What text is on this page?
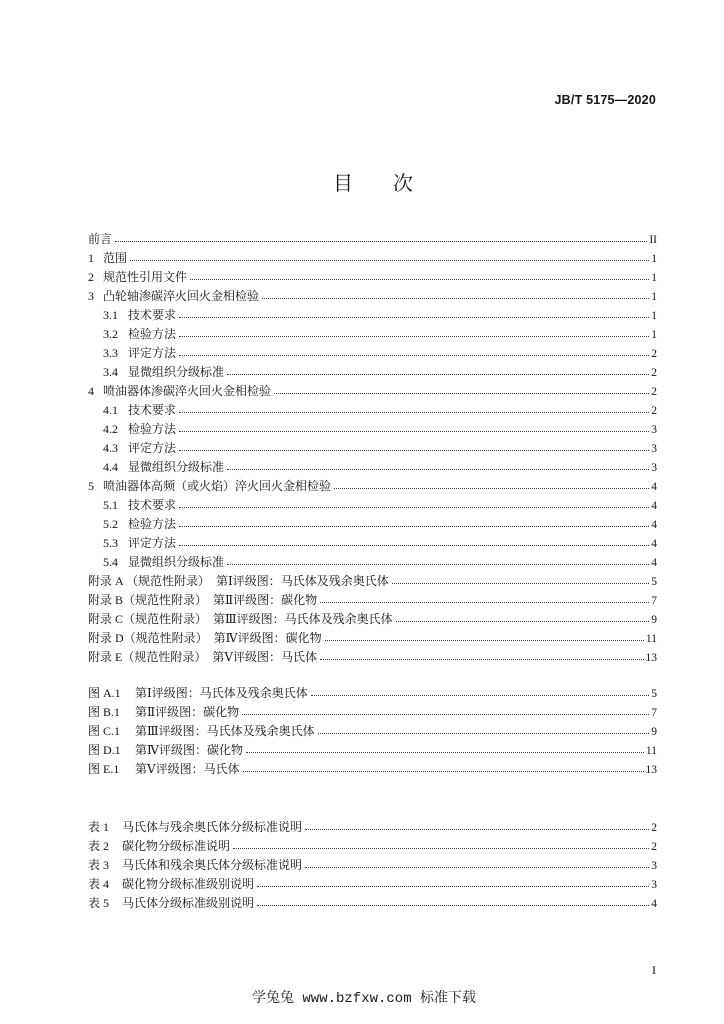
JB/T 5175—2020
目　　次
前言	II
1 范围	1
2 规范性引用文件	1
3 凸轮轴渗碳淬火回火金相检验	1
3.1 技术要求	1
3.2 检验方法	1
3.3 评定方法	2
3.4 显微组织分级标准	2
4 喷油器体渗碳淬火回火金相检验	2
4.1 技术要求	2
4.2 检验方法	3
4.3 评定方法	3
4.4 显微组织分级标准	3
5 喷油器体高频（或火焰）淬火回火金相检验	4
5.1 技术要求	4
5.2 检验方法	4
5.3 评定方法	4
5.4 显微组织分级标准	4
附录 A （规范性附录）　第Ⅰ评级图：马氏体及残余奥氏体	5
附录 B（规范性附录）　第Ⅱ评级图：碳化物	7
附录 C（规范性附录）　第Ⅲ评级图：马氏体及残余奥氏体	9
附录 D（规范性附录）　第Ⅳ评级图：碳化物	11
附录 E（规范性附录）　第Ⅴ评级图：马氏体	13
图 A.1	第Ⅰ评级图：马氏体及残余奥氏体	5
图 B.1	第Ⅱ评级图：碳化物	7
图 C.1	第Ⅲ评级图：马氏体及残余奥氏体	9
图 D.1	第Ⅳ评级图：碳化物	11
图 E.1	第Ⅴ评级图：马氏体	13
表 1	马氏体与残余奥氏体分级标准说明	2
表 2	碳化物分级标准说明	2
表 3	马氏体和残余奥氏体分级标准说明	3
表 4	碳化物分级标准级别说明	3
表 5	马氏体分级标准级别说明	4
I
学兔兔 www.bzfxw.com 标准下载
